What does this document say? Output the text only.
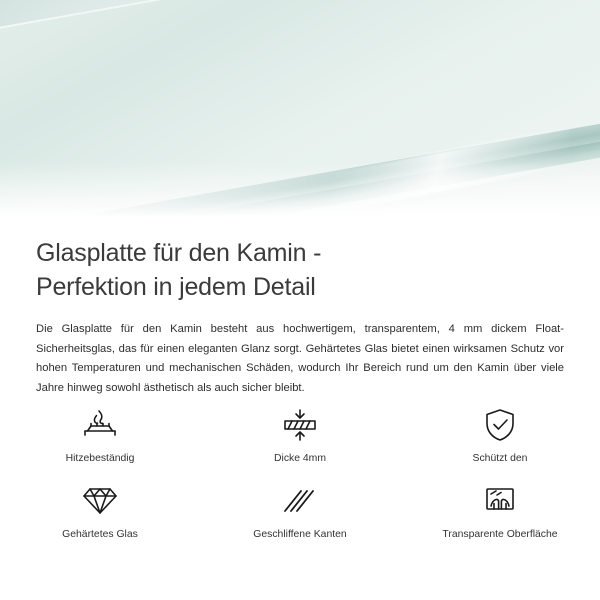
Glasplatte für den Kamin -
Perfektion in jedem Detail

Die Glasplatte für den Kamin besteht aus hochwertigem, transparentem, 4 mm dickem Float-Sicherheitsglas, das für einen eleganten Glanz sorgt. Gehärtetes Glas bietet einen wirksamen Schutz vor hohen Temperaturen und mechanischen Schäden, wodurch Ihr Bereich rund um den Kamin über viele Jahre hinweg sowohl ästhetisch als auch sicher bleibt.

Hitzebeständig	Dicke 4mm	Schützt den
Gehärtetes Glas	Geschliffene Kanten	Transparente Oberfläche
